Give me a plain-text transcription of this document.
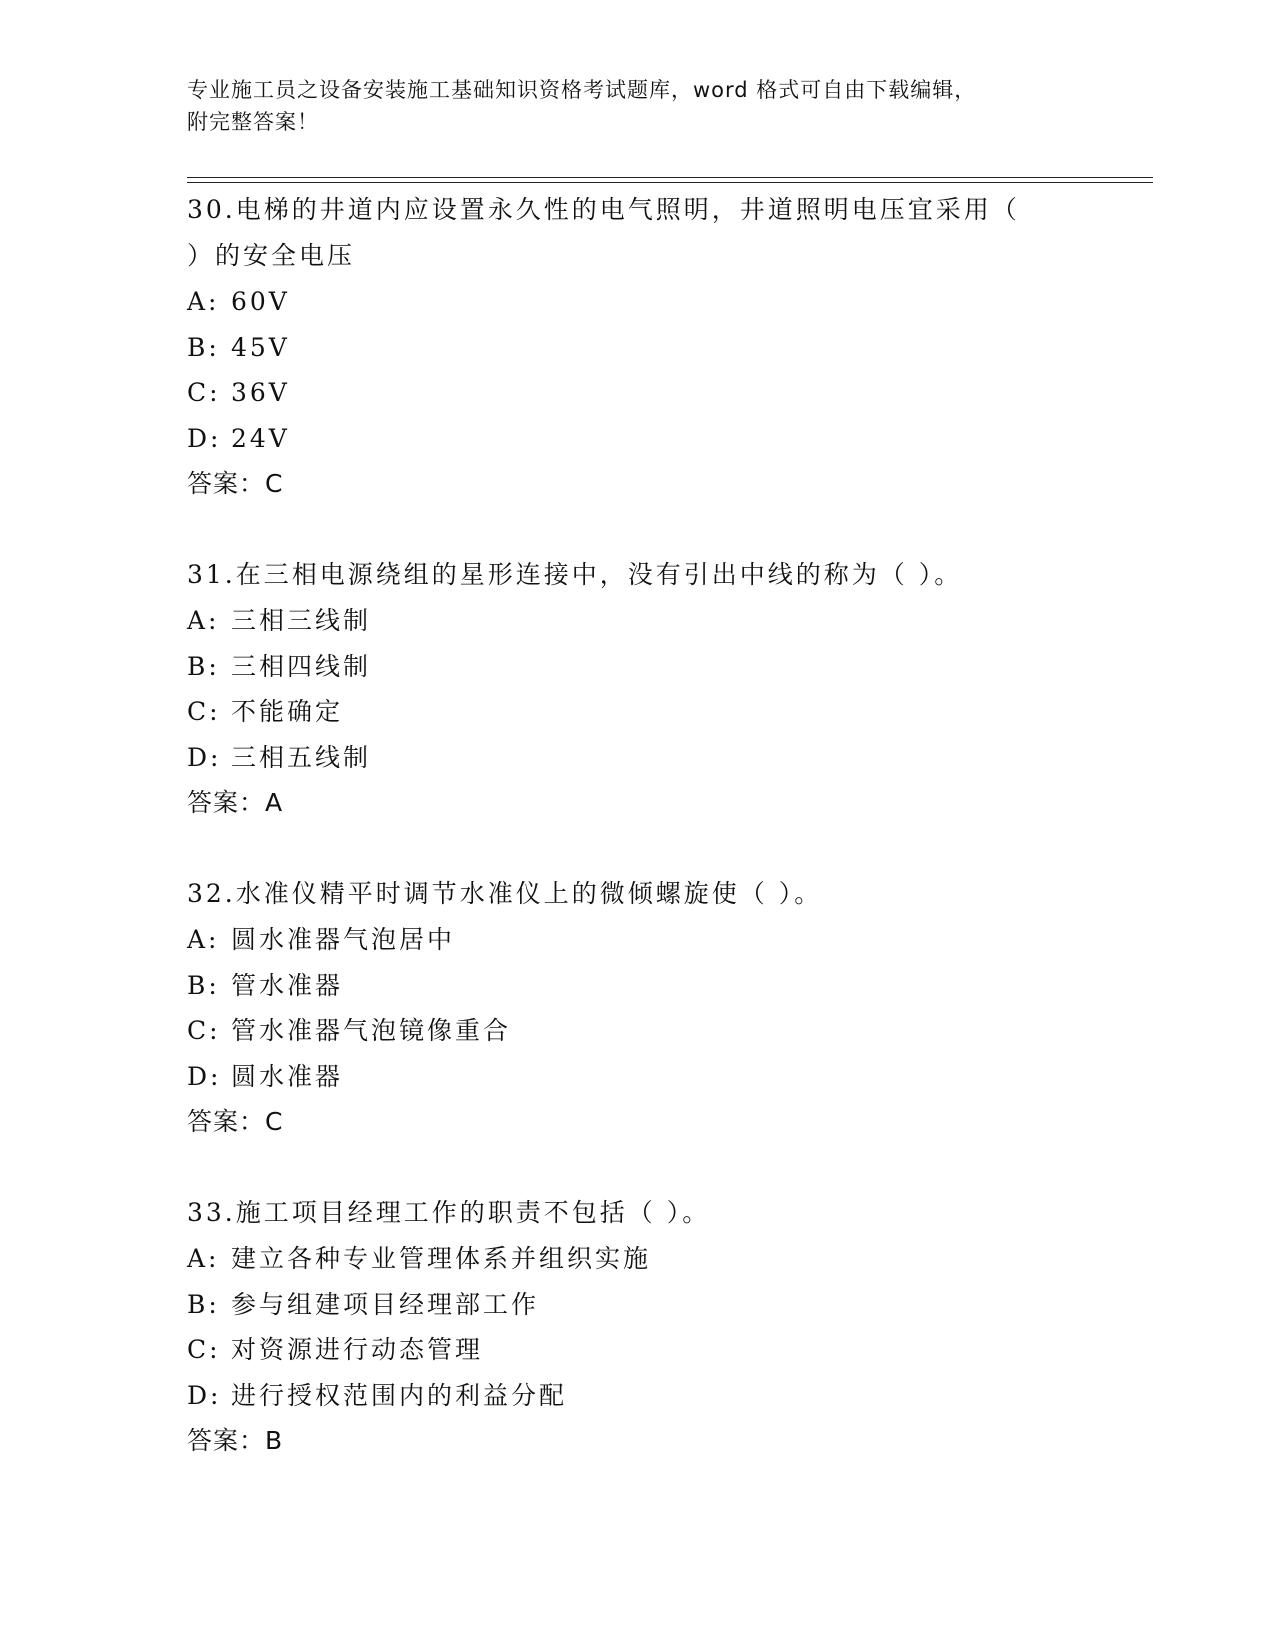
专业施工员之设备安装施工基础知识资格考试题库，word 格式可自由下载编辑，
附完整答案！
30.电梯的井道内应设置永久性的电气照明，井道照明电压宜采用（
）的安全电压
A: 60V
B: 45V
C: 36V
D: 24V
答案：C
31.在三相电源绕组的星形连接中，没有引出中线的称为（ ）。
A: 三相三线制
B: 三相四线制
C: 不能确定
D: 三相五线制
答案：A
32.水准仪精平时调节水准仪上的微倾螺旋使（ ）。
A: 圆水准器气泡居中
B: 管水准器
C: 管水准器气泡镜像重合
D: 圆水准器
答案：C
33.施工项目经理工作的职责不包括（ ）。
A: 建立各种专业管理体系并组织实施
B: 参与组建项目经理部工作
C: 对资源进行动态管理
D: 进行授权范围内的利益分配
答案：B
